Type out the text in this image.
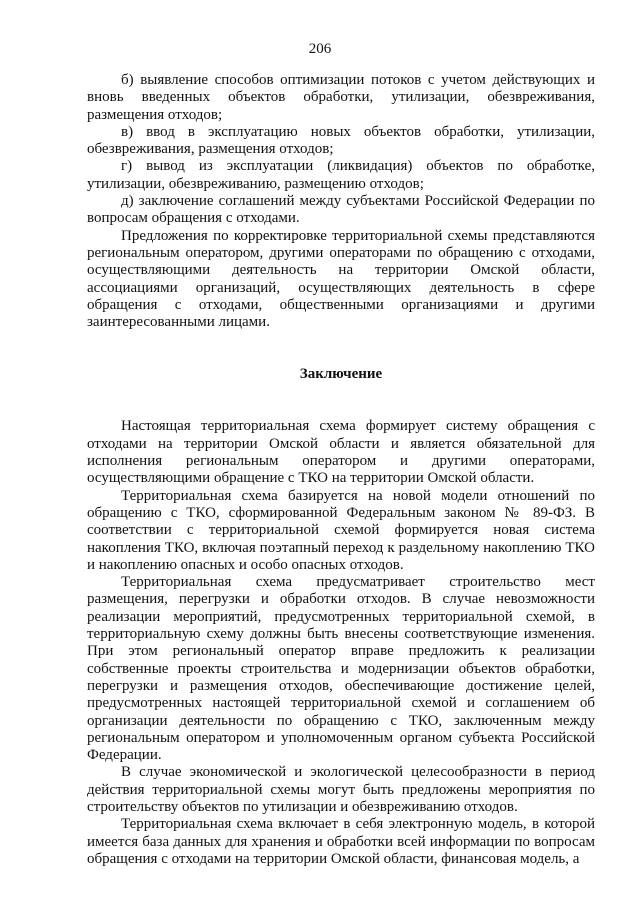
206

б) выявление способов оптимизации потоков с учетом действующих и вновь введенных объектов обработки, утилизации, обезвреживания, размещения отходов;

в) ввод в эксплуатацию новых объектов обработки, утилизации, обезвреживания, размещения отходов;

г) вывод из эксплуатации (ликвидация) объектов по обработке, утилизации, обезвреживанию, размещению отходов;

д) заключение соглашений между субъектами Российской Федерации по вопросам обращения с отходами.

Предложения по корректировке территориальной схемы представляются региональным оператором, другими операторами по обращению с отходами, осуществляющими деятельность на территории Омской области, ассоциациями организаций, осуществляющих деятельность в сфере обращения с отходами, общественными организациями и другими заинтересованными лицами.

Заключение

Настоящая территориальная схема формирует систему обращения с отходами на территории Омской области и является обязательной для исполнения региональным оператором и другими операторами, осуществляющими обращение с ТКО на территории Омской области.

Территориальная схема базируется на новой модели отношений по обращению с ТКО, сформированной Федеральным законом № 89-ФЗ. В соответствии с территориальной схемой формируется новая система накопления ТКО, включая поэтапный переход к раздельному накоплению ТКО и накоплению опасных и особо опасных отходов.

Территориальная схема предусматривает строительство мест размещения, перегрузки и обработки отходов. В случае невозможности реализации мероприятий, предусмотренных территориальной схемой, в территориальную схему должны быть внесены соответствующие изменения. При этом региональный оператор вправе предложить к реализации собственные проекты строительства и модернизации объектов обработки, перегрузки и размещения отходов, обеспечивающие достижение целей, предусмотренных настоящей территориальной схемой и соглашением об организации деятельности по обращению с ТКО, заключенным между региональным оператором и уполномоченным органом субъекта Российской Федерации.

В случае экономической и экологической целесообразности в период действия территориальной схемы могут быть предложены мероприятия по строительству объектов по утилизации и обезвреживанию отходов.

Территориальная схема включает в себя электронную модель, в которой имеется база данных для хранения и обработки всей информации по вопросам обращения с отходами на территории Омской области, финансовая модель, а
